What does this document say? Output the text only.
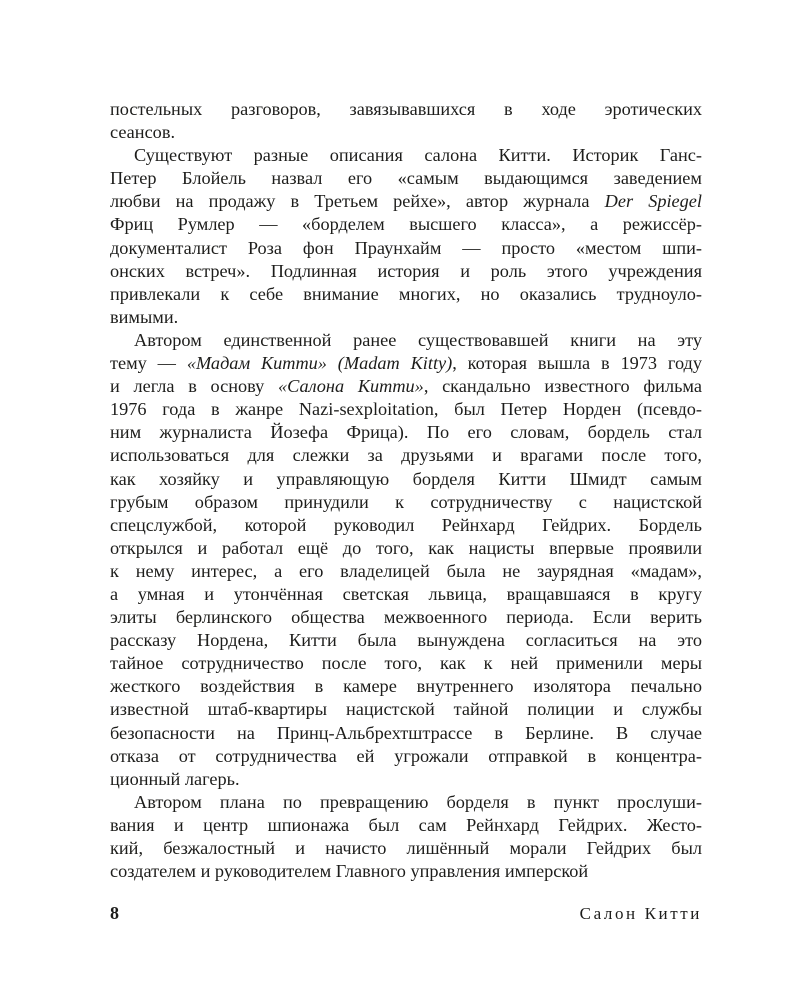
постельных разговоров, завязывавшихся в ходе эротических
сеансов.
Существуют разные описания салона Китти. Историк Ганс-
Петер Блойель назвал его «самым выдающимся заведением
любви на продажу в Третьем рейхе», автор журнала Der Spiegel
Фриц Румлер — «борделем высшего класса», а режиссёр-
документалист Роза фон Праунхайм — просто «местом шпи-
онских встреч». Подлинная история и роль этого учреждения
привлекали к себе внимание многих, но оказались трудноуло-
вимыми.
Автором единственной ранее существовавшей книги на эту
тему — «Мадам Китти» (Madam Kitty), которая вышла в 1973 году
и легла в основу «Салона Китти», скандально известного фильма
1976 года в жанре Nazi-sexploitation, был Петер Норден (псевдо-
ним журналиста Йозефа Фрица). По его словам, бордель стал
использоваться для слежки за друзьями и врагами после того,
как хозяйку и управляющую борделя Китти Шмидт самым
грубым образом принудили к сотрудничеству с нацистской
спецслужбой, которой руководил Рейнхард Гейдрих. Бордель
открылся и работал ещё до того, как нацисты впервые проявили
к нему интерес, а его владелицей была не заурядная «мадам»,
а умная и утончённая светская львица, вращавшаяся в кругу
элиты берлинского общества межвоенного периода. Если верить
рассказу Нордена, Китти была вынуждена согласиться на это
тайное сотрудничество после того, как к ней применили меры
жесткого воздействия в камере внутреннего изолятора печально
известной штаб-квартиры нацистской тайной полиции и службы
безопасности на Принц-Альбрехтштрассе в Берлине. В случае
отказа от сотрудничества ей угрожали отправкой в концентра-
ционный лагерь.
Автором плана по превращению борделя в пункт прослуши-
вания и центр шпионажа был сам Рейнхард Гейдрих. Жесто-
кий, безжалостный и начисто лишённый морали Гейдрих был
создателем и руководителем Главного управления имперской
8	Салон Китти
